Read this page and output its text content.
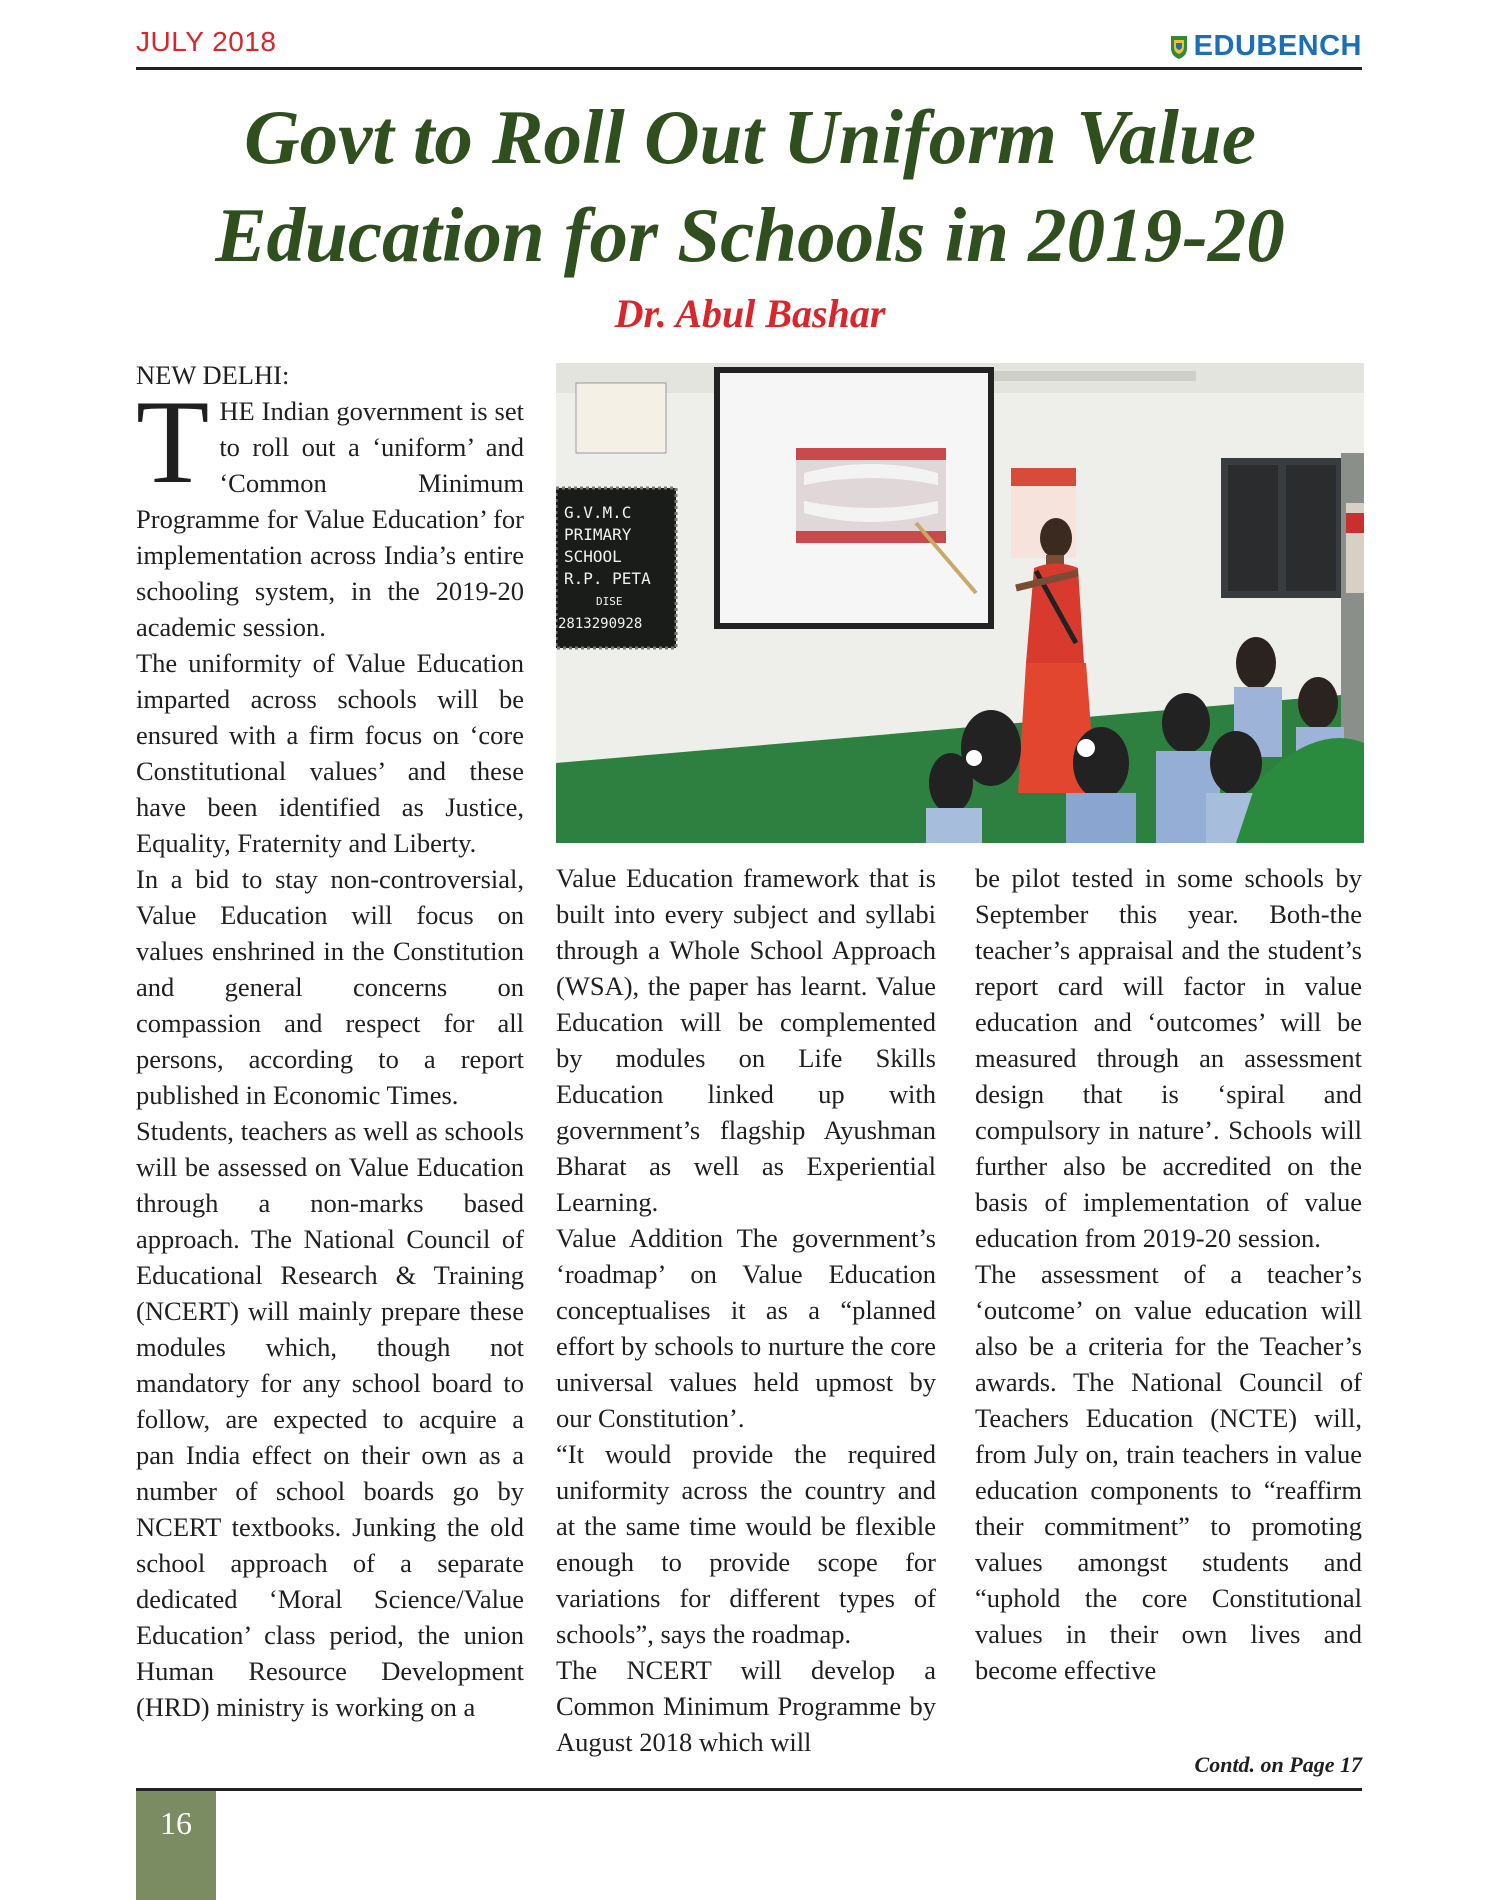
JULY 2018	EDUBENCH
Govt to Roll Out Uniform Value
Education for Schools in 2019-20
Dr. Abul Bashar

NEW DELHI:

THE Indian government is set to roll out a ‘uniform’ and ‘Common Minimum Programme for Value Education’ for implementation across India’s entire schooling system, in the 2019-20 academic session.

The uniformity of Value Education imparted across schools will be ensured with a firm focus on ‘core Constitutional values’ and these have been identified as Justice, Equality, Fraternity and Liberty.

In a bid to stay non-controversial, Value Education will focus on values enshrined in the Constitution and general concerns on compassion and respect for all persons, according to a report published in Economic Times.

Students, teachers as well as schools will be assessed on Value Education through a non-marks based approach. The National Council of Educational Research & Training (NCERT) will mainly prepare these modules which, though not mandatory for any school board to follow, are expected to acquire a pan India effect on their own as a number of school boards go by NCERT textbooks. Junking the old school approach of a separate dedicated ‘Moral Science/Value Education’ class period, the union Human Resource Development (HRD) ministry is working on a

G.V.M.C
PRIMARY
SCHOOL
R.P. PETA
DISE
2813290928

Value Education framework that is built into every subject and syllabi through a Whole School Approach (WSA), the paper has learnt. Value Education will be complemented by modules on Life Skills Education linked up with government’s flagship Ayushman Bharat as well as Experiential Learning.

Value Addition The government’s ‘roadmap’ on Value Education conceptualises it as a “planned effort by schools to nurture the core universal values held upmost by our Constitution’.

“It would provide the required uniformity across the country and at the same time would be flexible enough to provide scope for variations for different types of schools”, says the roadmap.

The NCERT will develop a Common Minimum Programme by August 2018 which will

be pilot tested in some schools by September this year. Both-the teacher’s appraisal and the student’s report card will factor in value education and ‘outcomes’ will be measured through an assessment design that is ‘spiral and compulsory in nature’. Schools will further also be accredited on the basis of implementation of value education from 2019-20 session.

The assessment of a teacher’s ‘outcome’ on value education will also be a criteria for the Teacher’s awards. The National Council of Teachers Education (NCTE) will, from July on, train teachers in value education components to “reaffirm their commitment” to promoting values amongst students and “uphold the core Constitutional values in their own lives and become effective

Contd. on Page 17
16
